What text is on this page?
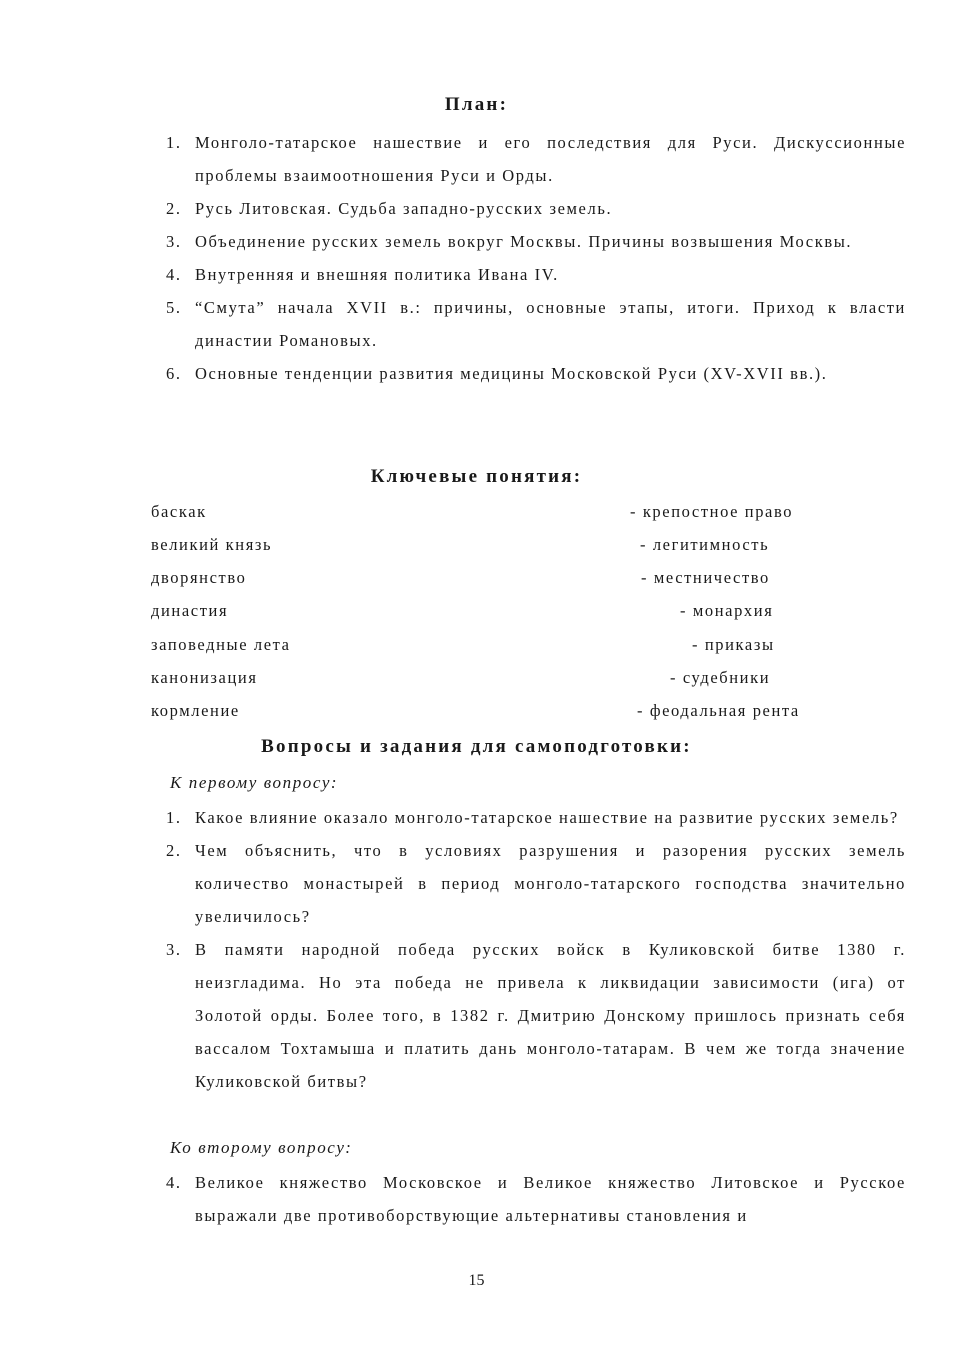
План:
1. Монголо-татарское нашествие и его последствия для Руси. Дискуссионные проблемы взаимоотношения Руси и Орды.
2. Русь Литовская. Судьба западно-русских земель.
3. Объединение русских земель вокруг Москвы. Причины возвышения Москвы.
4. Внутренняя и внешняя политика Ивана IV.
5. “Смута” начала XVII в.: причины, основные этапы, итоги. Приход к власти династии Романовых.
6. Основные тенденции развития медицины Московской Руси (XV-XVII вв.).
Ключевые понятия:
баскак
великий князь
дворянство
династия
заповедные лета
канонизация
кормление
- крепостное право
- легитимность
- местничество
- монархия
- приказы
- судебники
- феодальная рента
Вопросы и задания для самоподготовки:
К первому вопросу:
1. Какое влияние оказало монголо-татарское нашествие на развитие русских земель?
2. Чем объяснить, что в условиях разрушения и разорения русских земель количество монастырей в период монголо-татарского господства значительно увеличилось?
3. В памяти народной победа русских войск в Куликовской битве 1380 г. неизгладима. Но эта победа не привела к ликвидации зависимости (ига) от Золотой орды. Более того, в 1382 г. Дмитрию Донскому пришлось признать себя вассалом Тохтамыша и платить дань монголо-татарам. В чем же тогда значение Куликовской битвы?
Ко второму вопросу:
4. Великое княжество Московское и Великое княжество Литовское и Русское выражали две противоборствующие альтернативы становления и
15
